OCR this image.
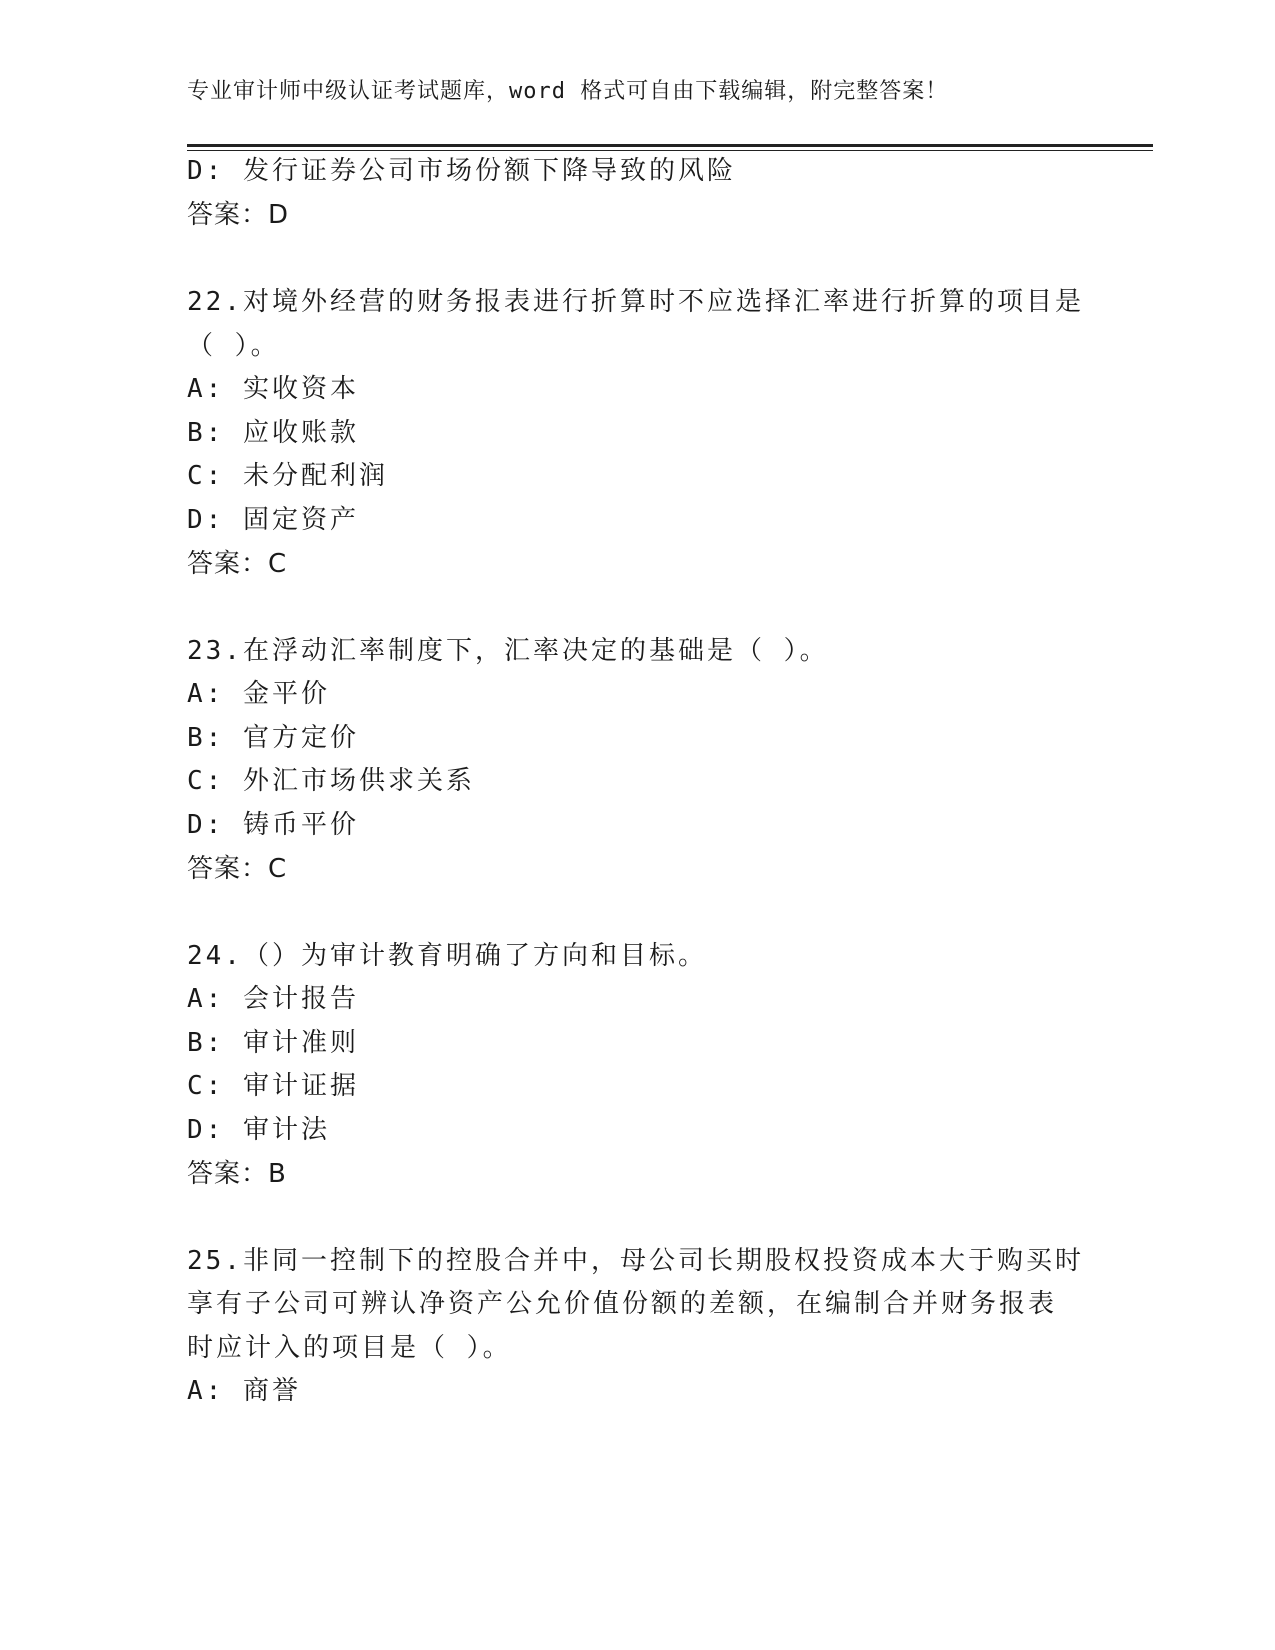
专业审计师中级认证考试题库，word 格式可自由下载编辑，附完整答案！
D: 发行证券公司市场份额下降导致的风险
答案：D
22.对境外经营的财务报表进行折算时不应选择汇率进行折算的项目是
（ ）。
A: 实收资本
B: 应收账款
C: 未分配利润
D: 固定资产
答案：C
23.在浮动汇率制度下，汇率决定的基础是（ ）。
A: 金平价
B: 官方定价
C: 外汇市场供求关系
D: 铸币平价
答案：C
24.（）为审计教育明确了方向和目标。
A: 会计报告
B: 审计准则
C: 审计证据
D: 审计法
答案：B
25.非同一控制下的控股合并中，母公司长期股权投资成本大于购买时
享有子公司可辨认净资产公允价值份额的差额，在编制合并财务报表
时应计入的项目是（ ）。
A: 商誉
